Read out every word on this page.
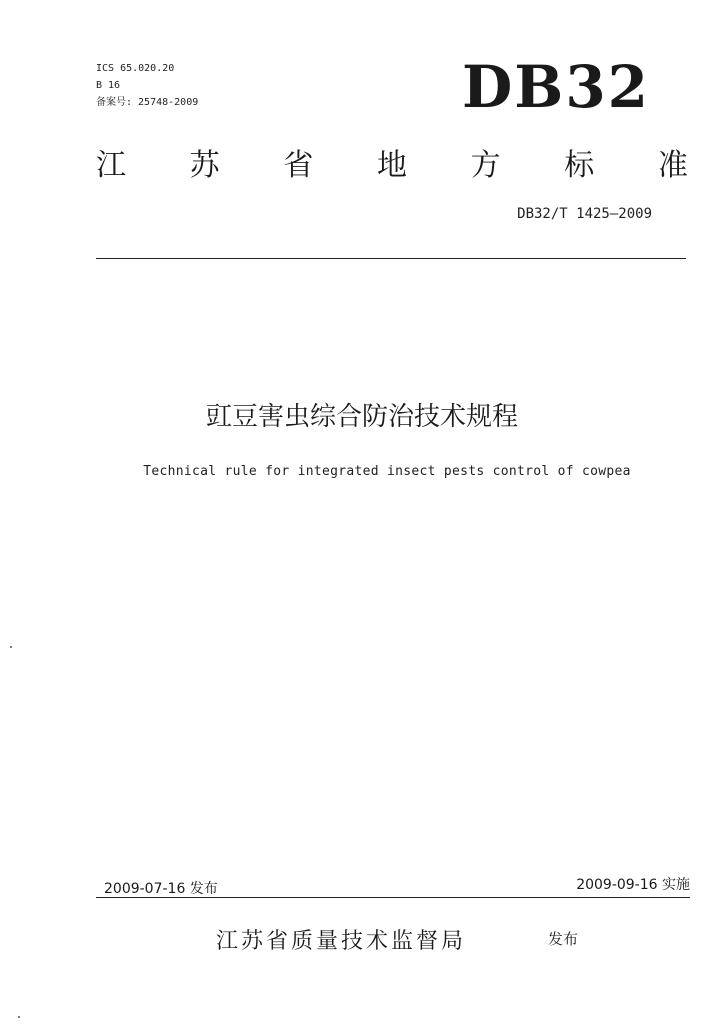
ICS 65.020.20
B 16
备案号: 25748-2009	DB32
江 苏 省 地 方 标 准
DB32/T 1425—2009
豇豆害虫综合防治技术规程
Technical rule for integrated insect pests control of cowpea
2009-07-16 发布	2009-09-16 实施
江苏省质量技术监督局	发布
